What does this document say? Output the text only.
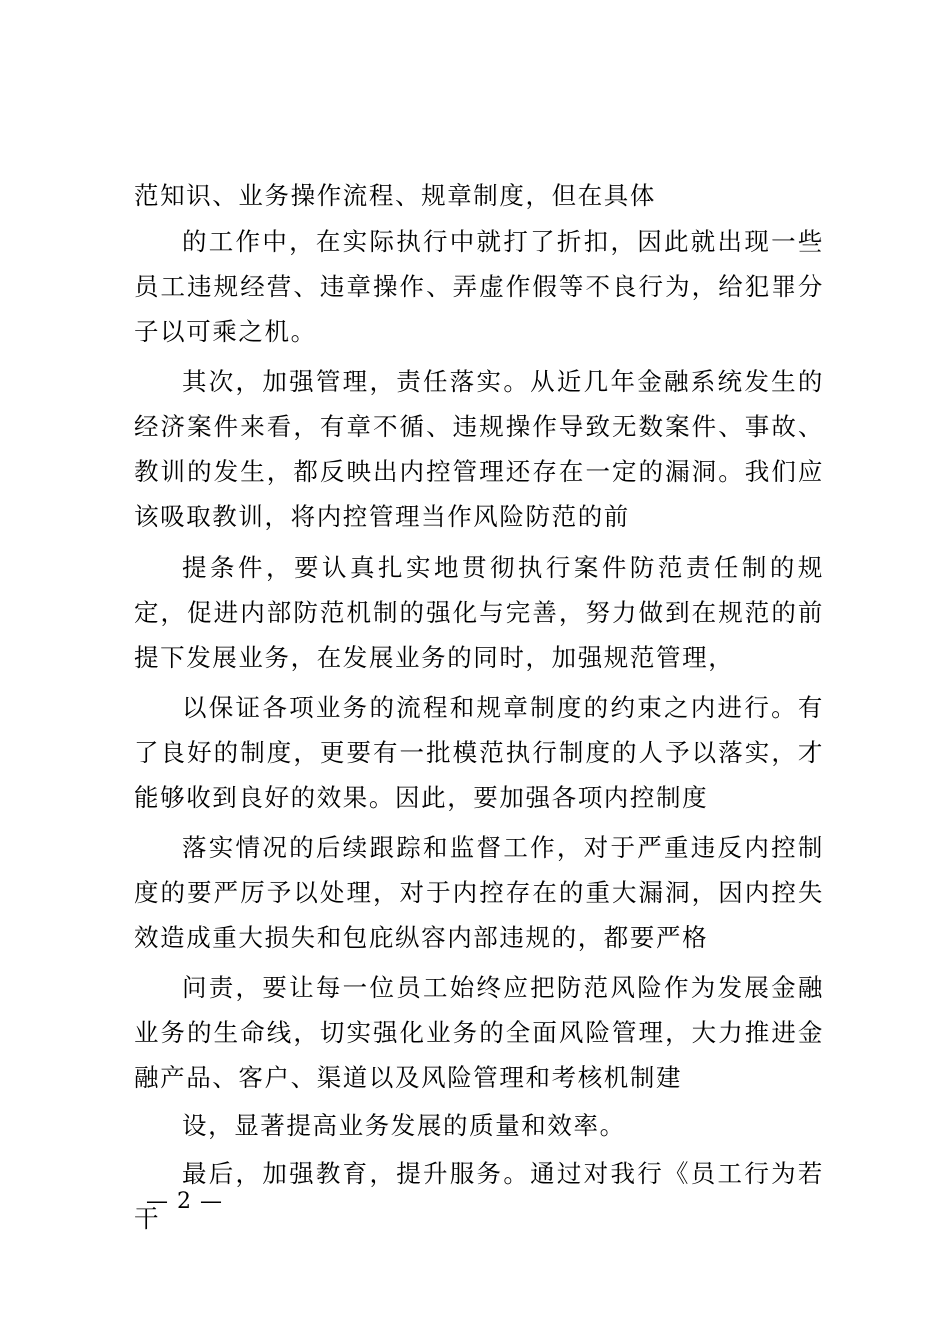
范知识、业务操作流程、规章制度，但在具体

的工作中，在实际执行中就打了折扣，因此就出现一些员工违规经营、违章操作、弄虚作假等不良行为，给犯罪分子以可乘之机。

其次，加强管理，责任落实。从近几年金融系统发生的经济案件来看，有章不循、违规操作导致无数案件、事故、教训的发生，都反映出内控管理还存在一定的漏洞。我们应该吸取教训，将内控管理当作风险防范的前

提条件，要认真扎实地贯彻执行案件防范责任制的规定，促进内部防范机制的强化与完善，努力做到在规范的前提下发展业务，在发展业务的同时，加强规范管理，

以保证各项业务的流程和规章制度的约束之内进行。有了良好的制度，更要有一批模范执行制度的人予以落实，才能够收到良好的效果。因此，要加强各项内控制度

落实情况的后续跟踪和监督工作，对于严重违反内控制度的要严厉予以处理，对于内控存在的重大漏洞，因内控失效造成重大损失和包庇纵容内部违规的，都要严格

问责，要让每一位员工始终应把防范风险作为发展金融业务的生命线，切实强化业务的全面风险管理，大力推进金融产品、客户、渠道以及风险管理和考核机制建

设，显著提高业务发展的质量和效率。

最后，加强教育，提升服务。通过对我行《员工行为若干

— 2 —
